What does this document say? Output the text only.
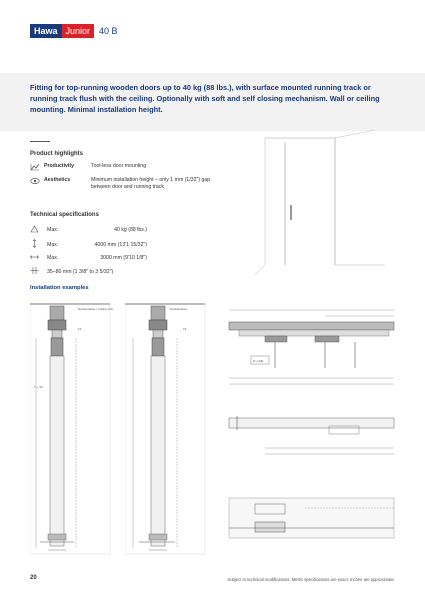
Hawa Junior	40 B
Fitting for top-running wooden doors up to 40 kg (88 lbs.), with surface mounted running track or running track flush with the ceiling. Optionally with soft and self closing mechanism. Wall or ceiling mounting. Minimal installation height.
Product highlights
Productivity	Tool-less door mounting
Aesthetics	Minimum installation height – only 1 mm (1/32") gap between door and running track
Technical specifications
Max.	40 kg (88 lbs.)
Max.	4000 mm (13'1 15/32")
Max.	3000 mm (9'10 1/8")
35–80 mm (1 3/8" to 3 5/32")
Installation examples
Deckenleiste / Ceiling strip
12
T + 33
Deckenleiste
15
8 (+3/8)
20	Subject to technical modifications. Metric specifications are exact. Inches are approximate.
